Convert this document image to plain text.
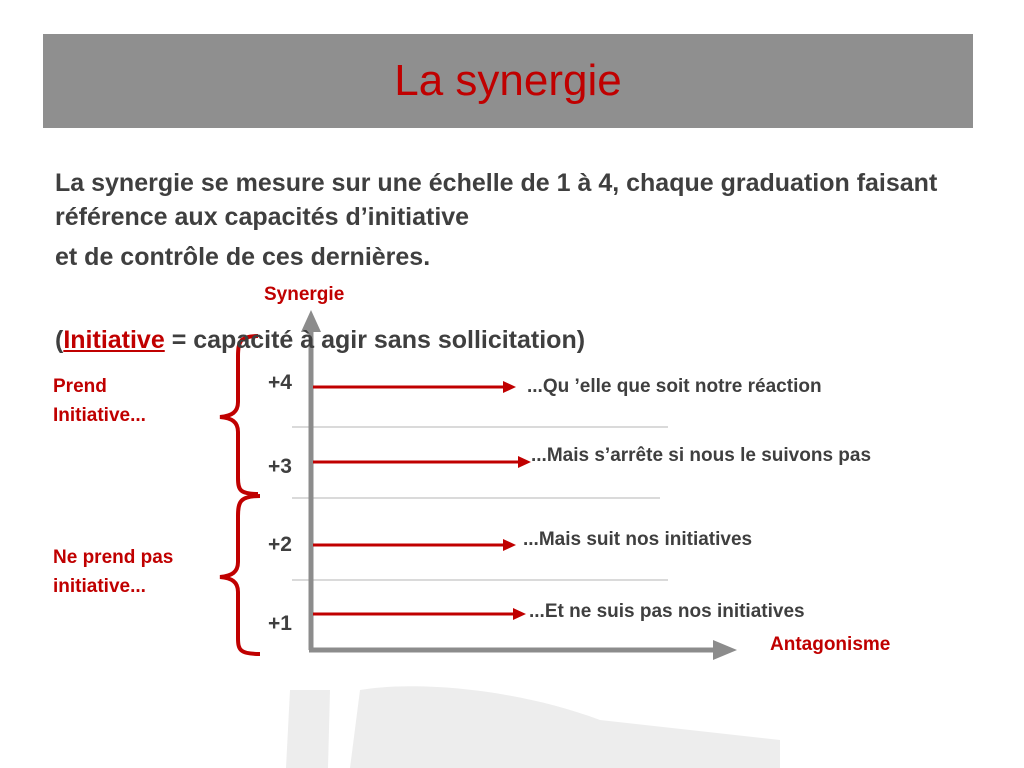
La synergie
La synergie se mesure sur une échelle de 1 à 4, chaque graduation faisant référence aux capacités d’initiative
et de contrôle de ces dernières.
Synergie
Antagonisme
(Initiative = capacité à agir sans sollicitation)
Prend Initiative...
Ne prend pas initiative...
+4
+3
+2
+1
...Qu ’elle que soit notre réaction
...Mais s’arrête si nous le suivons pas
...Mais suit nos initiatives
...Et ne suis pas nos initiatives
